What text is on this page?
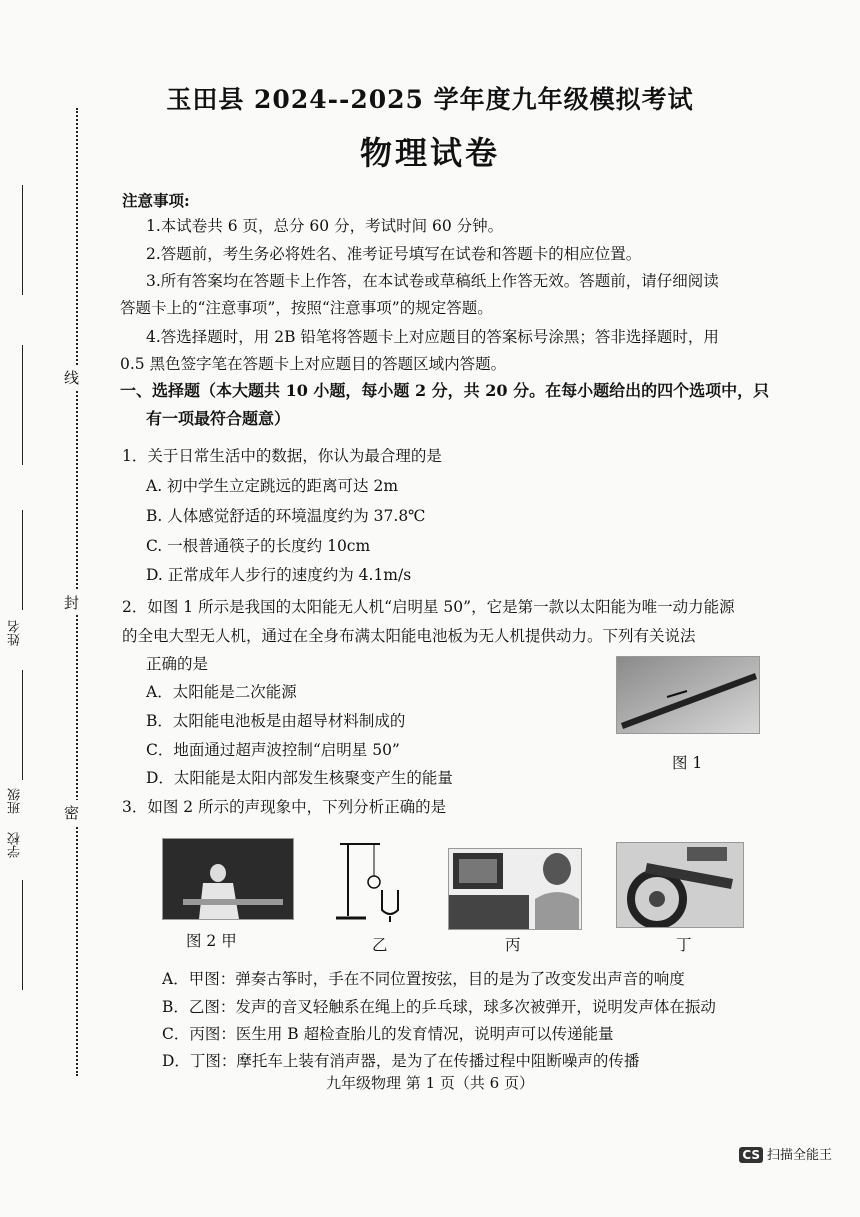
线
封
密
姓名
班级
学校
玉田县 2024--2025 学年度九年级模拟考试
物理试卷
注意事项:
1.本试卷共 6 页，总分 60 分，考试时间 60 分钟。
2.答题前，考生务必将姓名、准考证号填写在试卷和答题卡的相应位置。
3.所有答案均在答题卡上作答，在本试卷或草稿纸上作答无效。答题前，请仔细阅读
答题卡上的“注意事项”，按照“注意事项”的规定答题。
4.答选择题时，用 2B 铅笔将答题卡上对应题目的答案标号涂黑；答非选择题时，用
0.5 黑色签字笔在答题卡上对应题目的答题区域内答题。
一、选择题（本大题共 10 小题，每小题 2 分，共 20 分。在每小题给出的四个选项中，只
有一项最符合题意）
1．关于日常生活中的数据，你认为最合理的是
A. 初中学生立定跳远的距离可达 2m
B. 人体感觉舒适的环境温度约为 37.8℃
C. 一根普通筷子的长度约 10cm
D. 正常成年人步行的速度约为 4.1m/s
2．如图 1 所示是我国的太阳能无人机“启明星 50”，它是第一款以太阳能为唯一动力能源
的全电大型无人机，通过在全身布满太阳能电池板为无人机提供动力。下列有关说法
正确的是
A．太阳能是二次能源
B．太阳能电池板是由超导材料制成的
C．地面通过超声波控制“启明星 50”
D．太阳能是太阳内部发生核聚变产生的能量
图 1
3．如图 2 所示的声现象中，下列分析正确的是
图 2 甲	乙	丙	丁
A．甲图：弹奏古筝时，手在不同位置按弦，目的是为了改变发出声音的响度
B．乙图：发声的音叉轻触系在绳上的乒乓球，球多次被弹开，说明发声体在振动
C．丙图：医生用 B 超检查胎儿的发育情况，说明声可以传递能量
D．丁图：摩托车上装有消声器，是为了在传播过程中阻断噪声的传播
九年级物理 第 1 页（共 6 页）
CS 扫描全能王
